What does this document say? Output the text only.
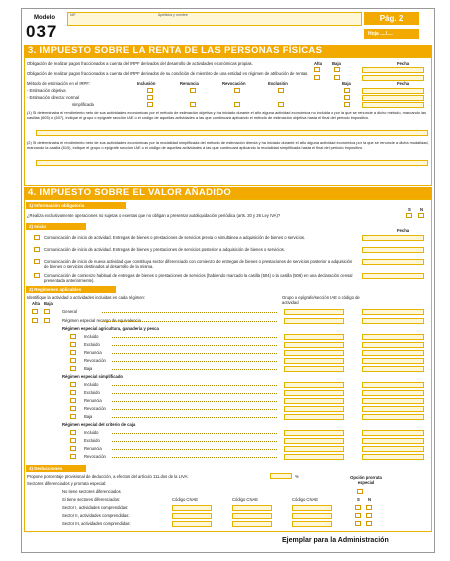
Modelo
037
NIF	Apellidos y nombre	Pág. 2
Hoja ..../....
3. IMPUESTO SOBRE LA RENTA DE LAS PERSONAS FÍSICAS
Obligación de realizar pagos fraccionados a cuenta del IRPF derivados del desarrollo de actividades económicas propias.
Obligación de realizar pagos fraccionados a cuenta del IRPF derivados de su condición de miembro de una entidad en régimen de atribución de rentas.
Método de estimación en el IRPF:
Alta Baja	Fecha
Inclusión	Renuncia	Revocación	Exclusión	Baja	Fecha
- Estimación objetiva
- Estimación directa: normal
simplificada
(1) Si determinaba el rendimiento neto de sus actividades económicas por el método de estimación objetiva y ha iniciado durante el año alguna actividad económica no incluida o por la que se renuncie a dicho método, marcando las casillas (605) o (607), indique el grupo o epígrafe sección IAE o el código de aquellas actividades a las que continuará aplicando el método de estimación objetiva hasta el final del periodo impositivo.
(2) Si determinaba el rendimiento neto de sus actividades económicas por la modalidad simplificada del método de estimación directa y ha iniciado durante el año alguna actividad económica por la que se renuncie a dicha modalidad, marcando la casilla (610), indique el grupo o epígrafe sección IAE o el código de aquellas actividades a las que continuará aplicando la modalidad simplificada hasta el final del periodo impositivo.
4. IMPUESTO SOBRE EL VALOR AÑADIDO
1) Información obligatoria
¿Realiza exclusivamente operaciones no sujetas o exentas que no obligan a presentar autoliquidación periódica (arts. 20 y 26 Ley IVA)?
S N
2) Inicio
Fecha
Comunicación de inicio de actividad. Entregas de bienes o prestaciones de servicios previa o simultánea a adquisición de bienes o servicios.
Comunicación de inicio de actividad. Entregas de bienes y prestaciones de servicios posterior a adquisición de bienes o servicios.
Comunicación de inicio de nueva actividad que constituya sector diferenciado con comienzo de entregas de bienes o prestaciones de servicios posterior a adquisición de bienes o servicios destinados al desarrollo de la misma.
Comunicación de comienzo habitual de entregas de bienes o prestaciones de servicios (habiendo marcado la casilla (504) o la casilla (506) en una declaración censal presentada anteriormente).
3) Regímenes aplicables
Identifique la actividad o actividades incluidas en cada régimen:
Alta Baja
Grupo o epígrafe/sección IAE o código de actividad
General
Régimen especial recargo de equivalencia
Régimen especial agricultura, ganadería y pesca
Incluido
Excluido
Renuncia
Revocación
Baja
Régimen especial simplificado
Incluido
Excluido
Renuncia
Revocación
Baja
Régimen especial del criterio de caja
Incluido
Excluido
Renuncia
Revocación
4) Deducciones
Propone porcentaje provisional de deducción, a efectos del artículo 111.dos de la LIVA:	%
Sectores diferenciados y prorrata especial:
Opción prorrata especial
No tiene sectores diferenciados
Si tiene sectores diferenciados:	Código CNAE	Código CNAE	Código CNAE	S N
Sector I, actividades comprendidas:
Sector II, actividades comprendidas:
Sector III, actividades comprendidas:
Ejemplar para la Administración
